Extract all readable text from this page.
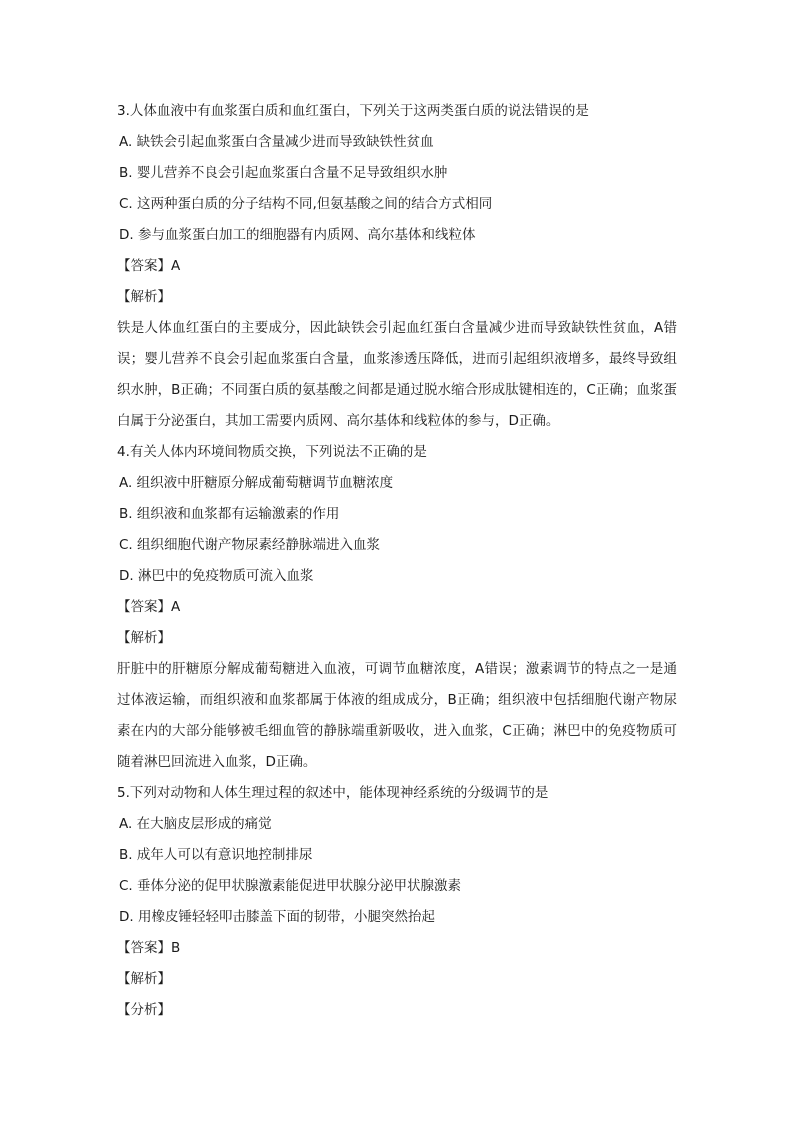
3.人体血液中有血浆蛋白质和血红蛋白，下列关于这两类蛋白质的说法错误的是
A. 缺铁会引起血浆蛋白含量减少进而导致缺铁性贫血
B. 婴儿营养不良会引起血浆蛋白含量不足导致组织水肿
C. 这两种蛋白质的分子结构不同,但氨基酸之间的结合方式相同
D. 参与血浆蛋白加工的细胞器有内质网、高尔基体和线粒体
【答案】A
【解析】
铁是人体血红蛋白的主要成分，因此缺铁会引起血红蛋白含量减少进而导致缺铁性贫血，A错误；婴儿营养不良会引起血浆蛋白含量，血浆渗透压降低，进而引起组织液增多，最终导致组织水肿，B正确；不同蛋白质的氨基酸之间都是通过脱水缩合形成肽键相连的，C正确；血浆蛋白属于分泌蛋白，其加工需要内质网、高尔基体和线粒体的参与，D正确。
4.有关人体内环境间物质交换，下列说法不正确的是
A. 组织液中肝糖原分解成葡萄糖调节血糖浓度
B. 组织液和血浆都有运输激素的作用
C. 组织细胞代谢产物尿素经静脉端进入血浆
D. 淋巴中的免疫物质可流入血浆
【答案】A
【解析】
肝脏中的肝糖原分解成葡萄糖进入血液，可调节血糖浓度，A错误；激素调节的特点之一是通过体液运输，而组织液和血浆都属于体液的组成成分，B正确；组织液中包括细胞代谢产物尿素在内的大部分能够被毛细血管的静脉端重新吸收，进入血浆，C正确；淋巴中的免疫物质可随着淋巴回流进入血浆，D正确。
5.下列对动物和人体生理过程的叙述中，能体现神经系统的分级调节的是
A. 在大脑皮层形成的痛觉
B. 成年人可以有意识地控制排尿
C. 垂体分泌的促甲状腺激素能促进甲状腺分泌甲状腺激素
D. 用橡皮锤轻轻叩击膝盖下面的韧带，小腿突然抬起
【答案】B
【解析】
【分析】
